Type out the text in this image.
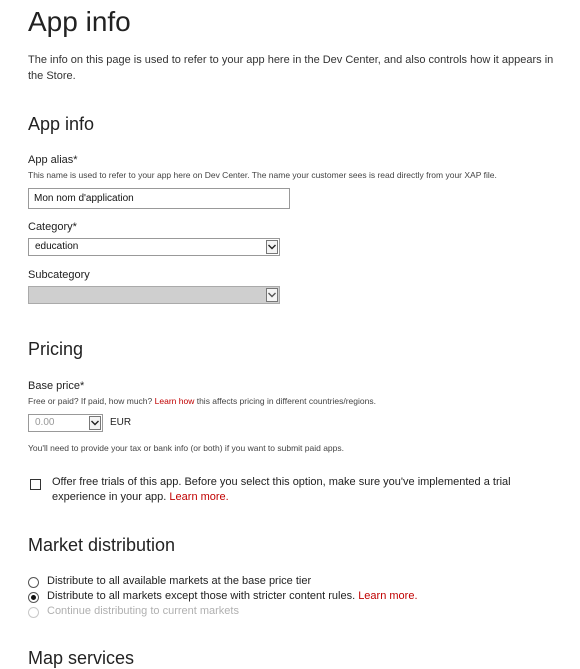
App info

The info on this page is used to refer to your app here in the Dev Center, and also controls how it appears in the Store.

App info
App alias*
This name is used to refer to your app here on Dev Center. The name your customer sees is read directly from your XAP file.
Mon nom d'application
Category*
education
Subcategory
Pricing
Base price*
Free or paid? If paid, how much? Learn how this affects pricing in different countries/regions.
0.00	EUR
You'll need to provide your tax or bank info (or both) if you want to submit paid apps.
Offer free trials of this app. Before you select this option, make sure you've implemented a trial experience in your app. Learn more.
Market distribution
Distribute to all available markets at the base price tier
Distribute to all markets except those with stricter content rules. Learn more.
Continue distributing to current markets
Map services
